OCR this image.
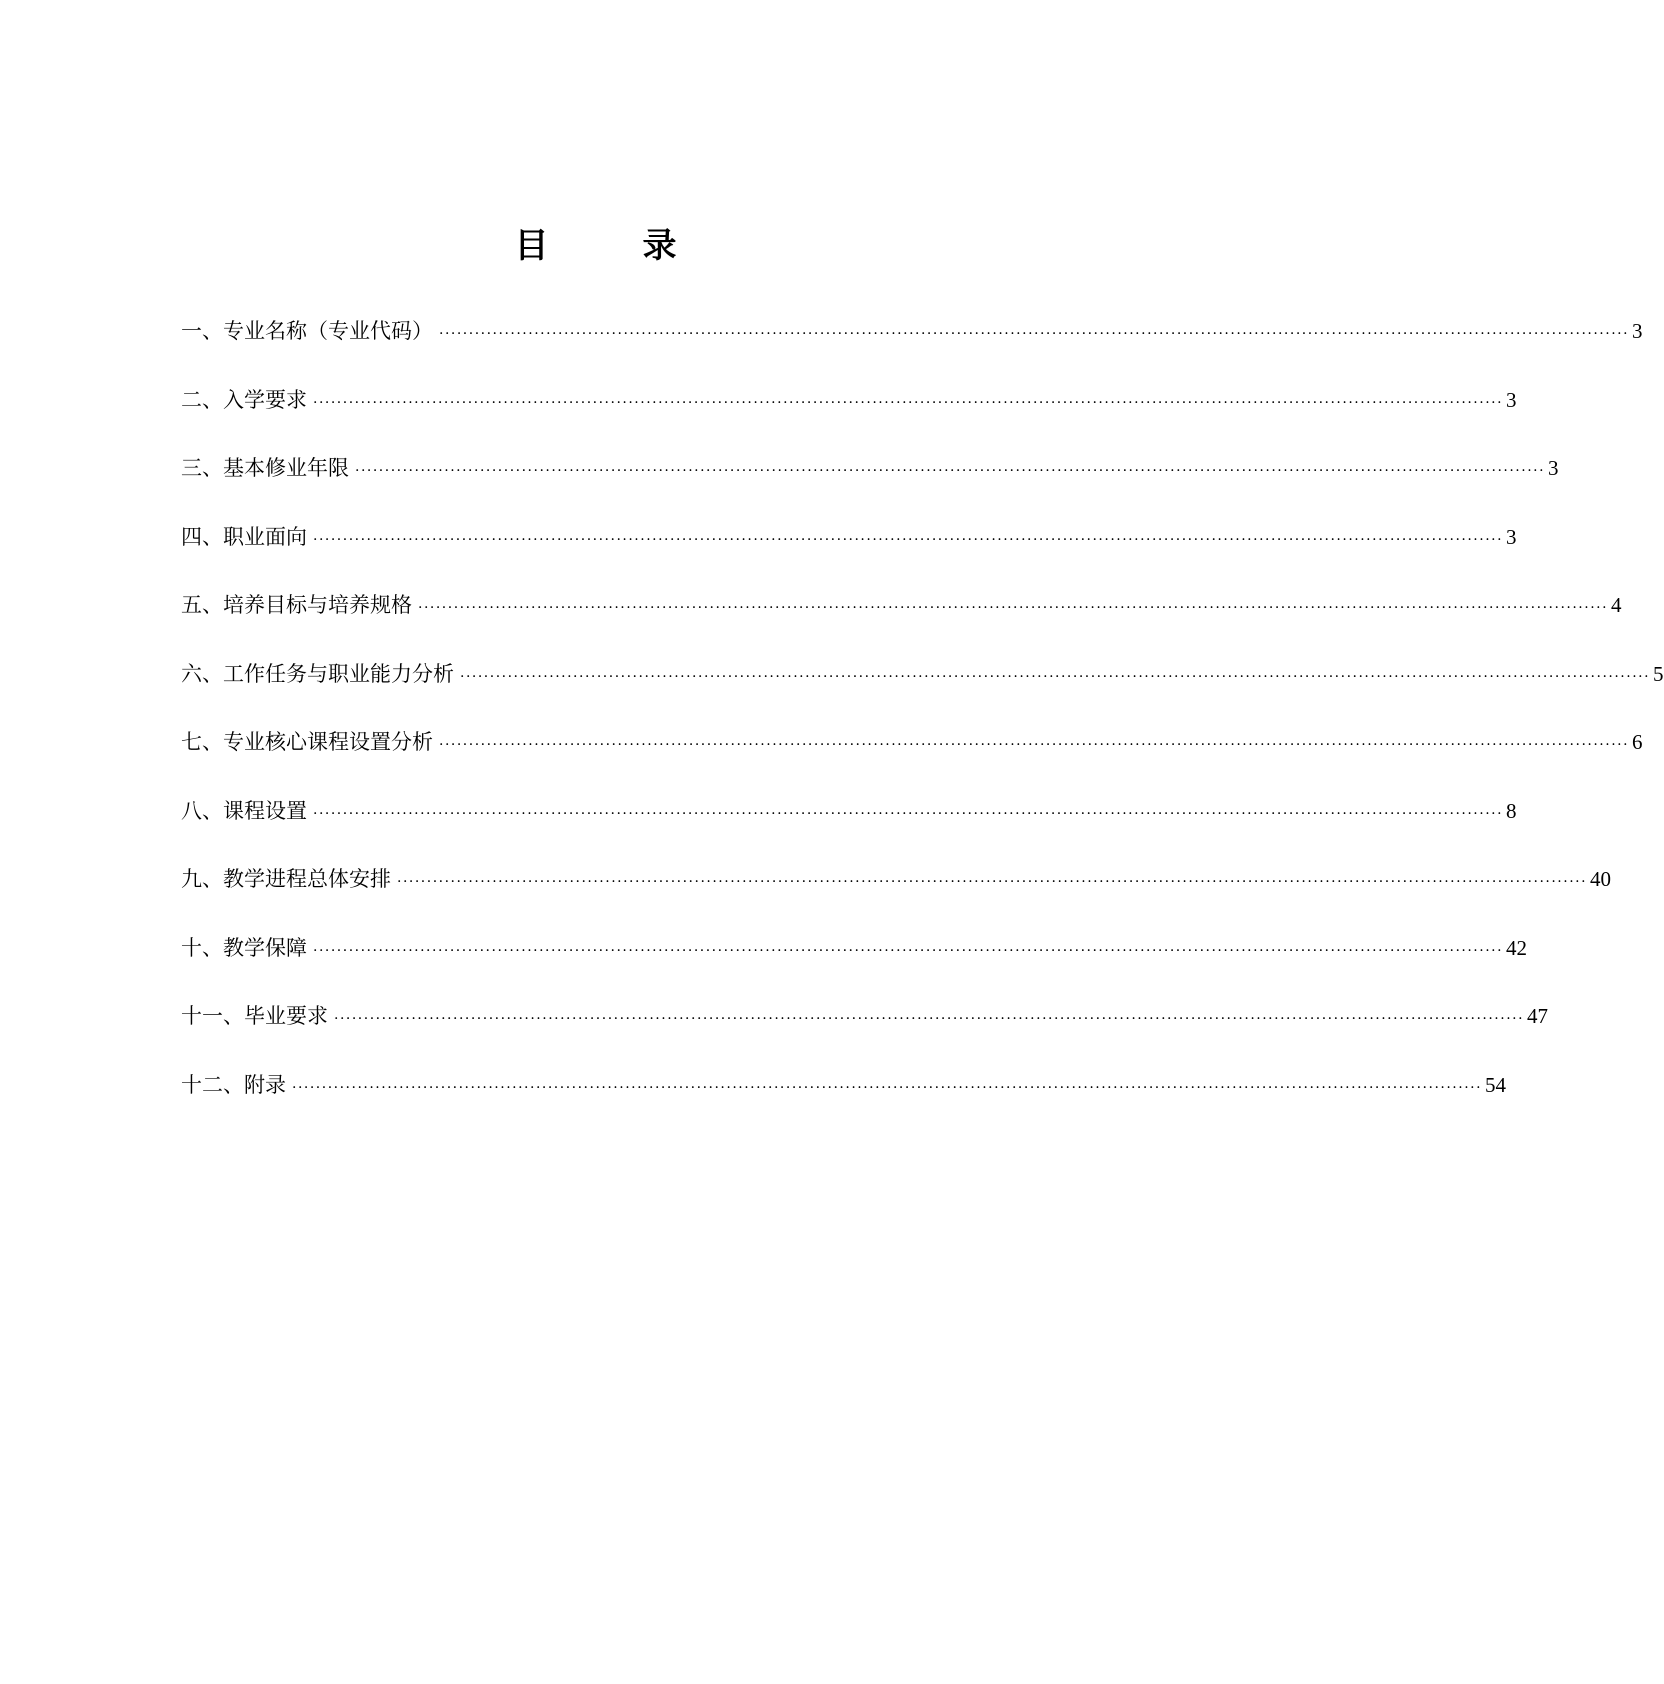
目　录
一、专业名称（专业代码） ········································································································································································································ 3
二、入学要求 ········································································································································································································ 3
三、基本修业年限 ········································································································································································································ 3
四、职业面向 ········································································································································································································ 3
五、培养目标与培养规格 ········································································································································································································ 4
六、工作任务与职业能力分析 ········································································································································································································ 5
七、专业核心课程设置分析 ········································································································································································································ 6
八、课程设置 ········································································································································································································ 8
九、教学进程总体安排 ········································································································································································································ 40
十、教学保障 ········································································································································································································ 42
十一、毕业要求 ········································································································································································································ 47
十二、附录 ········································································································································································································ 54
